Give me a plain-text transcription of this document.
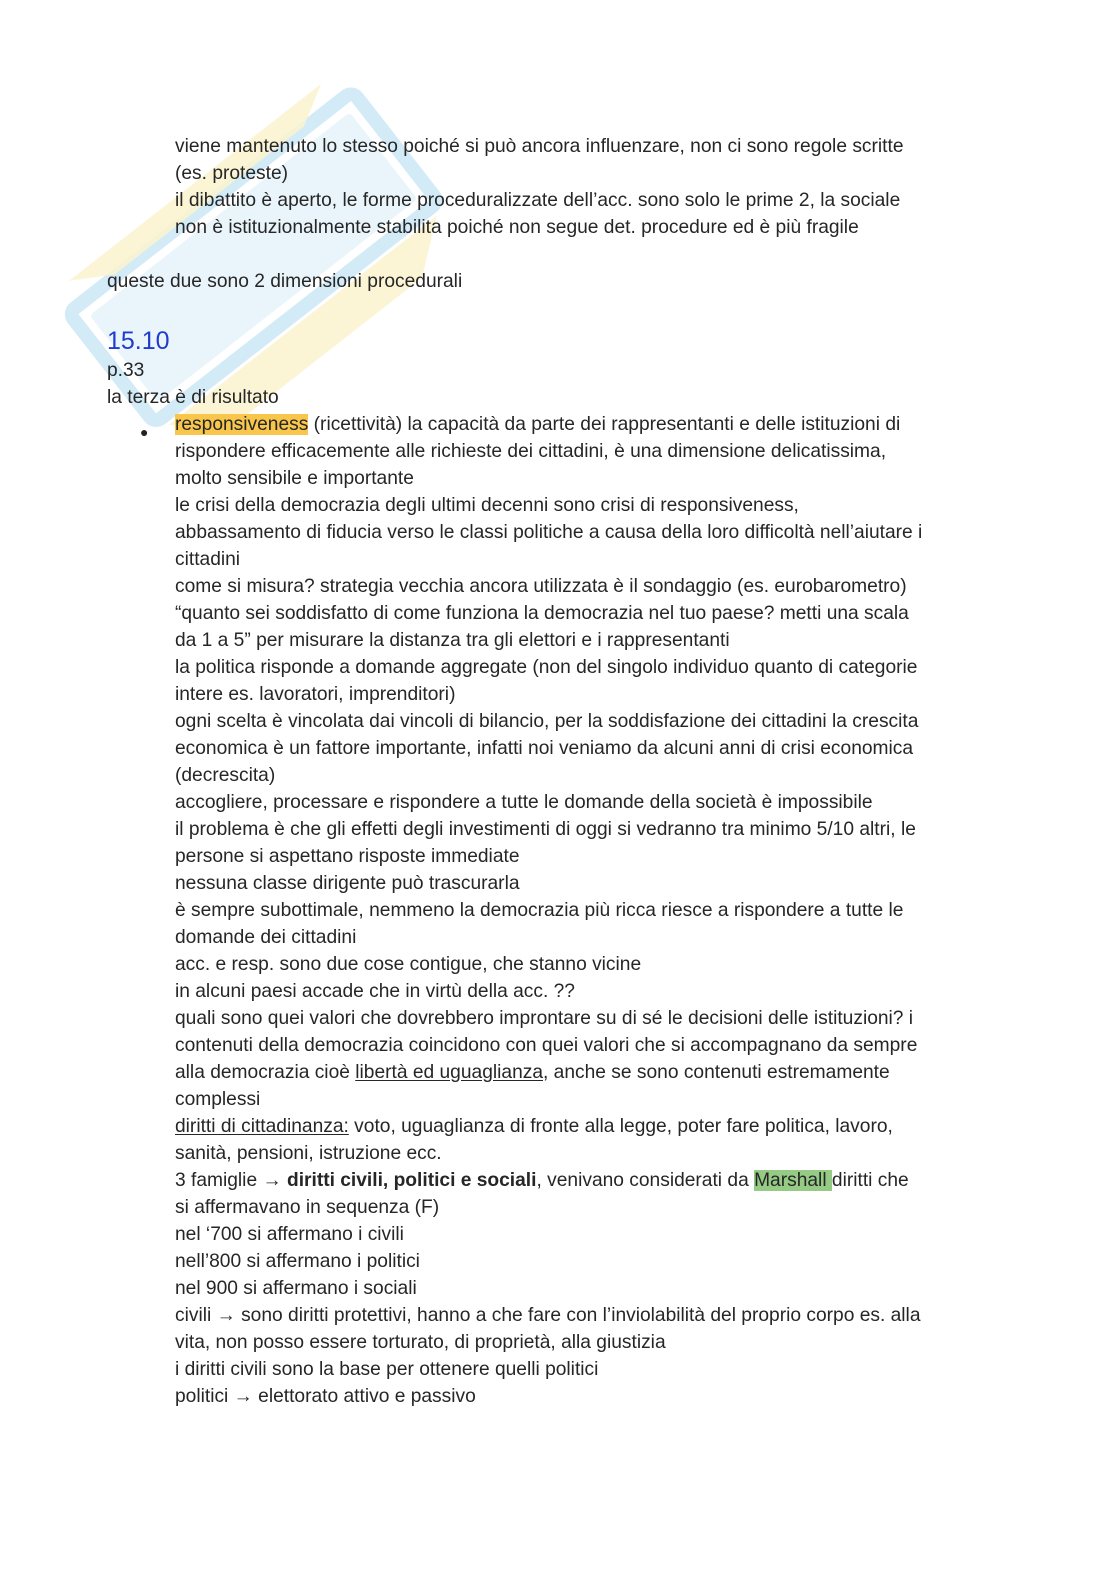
viene mantenuto lo stesso poiché si può ancora influenzare, non ci sono regole scritte
(es. proteste)
il dibattito è aperto, le forme proceduralizzate dell’acc. sono solo le prime 2, la sociale
non è istituzionalmente stabilita poiché non segue det. procedure ed è più fragile
queste due sono 2 dimensioni procedurali
15.10
p.33
la terza è di risultato
● responsiveness (ricettività) la capacità da parte dei rappresentanti e delle istituzioni di
rispondere efficacemente alle richieste dei cittadini, è una dimensione delicatissima,
molto sensibile e importante
le crisi della democrazia degli ultimi decenni sono crisi di responsiveness,
abbassamento di fiducia verso le classi politiche a causa della loro difficoltà nell’aiutare i
cittadini
come si misura? strategia vecchia ancora utilizzata è il sondaggio (es. eurobarometro)
“quanto sei soddisfatto di come funziona la democrazia nel tuo paese? metti una scala
da 1 a 5” per misurare la distanza tra gli elettori e i rappresentanti
la politica risponde a domande aggregate (non del singolo individuo quanto di categorie
intere es. lavoratori, imprenditori)
ogni scelta è vincolata dai vincoli di bilancio, per la soddisfazione dei cittadini la crescita
economica è un fattore importante, infatti noi veniamo da alcuni anni di crisi economica
(decrescita)
accogliere, processare e rispondere a tutte le domande della società è impossibile
il problema è che gli effetti degli investimenti di oggi si vedranno tra minimo 5/10 altri, le
persone si aspettano risposte immediate
nessuna classe dirigente può trascurarla
è sempre subottimale, nemmeno la democrazia più ricca riesce a rispondere a tutte le
domande dei cittadini
acc. e resp. sono due cose contigue, che stanno vicine
in alcuni paesi accade che in virtù della acc. ??
quali sono quei valori che dovrebbero improntare su di sé le decisioni delle istituzioni? i
contenuti della democrazia coincidono con quei valori che si accompagnano da sempre
alla democrazia cioè libertà ed uguaglianza, anche se sono contenuti estremamente
complessi
diritti di cittadinanza: voto, uguaglianza di fronte alla legge, poter fare politica, lavoro,
sanità, pensioni, istruzione ecc.
3 famiglie → diritti civili, politici e sociali, venivano considerati da Marshall diritti che
si affermavano in sequenza (F)
nel ‘700 si affermano i civili
nell’800 si affermano i politici
nel 900 si affermano i sociali
civili → sono diritti protettivi, hanno a che fare con l’inviolabilità del proprio corpo es. alla
vita, non posso essere torturato, di proprietà, alla giustizia
i diritti civili sono la base per ottenere quelli politici
politici → elettorato attivo e passivo
